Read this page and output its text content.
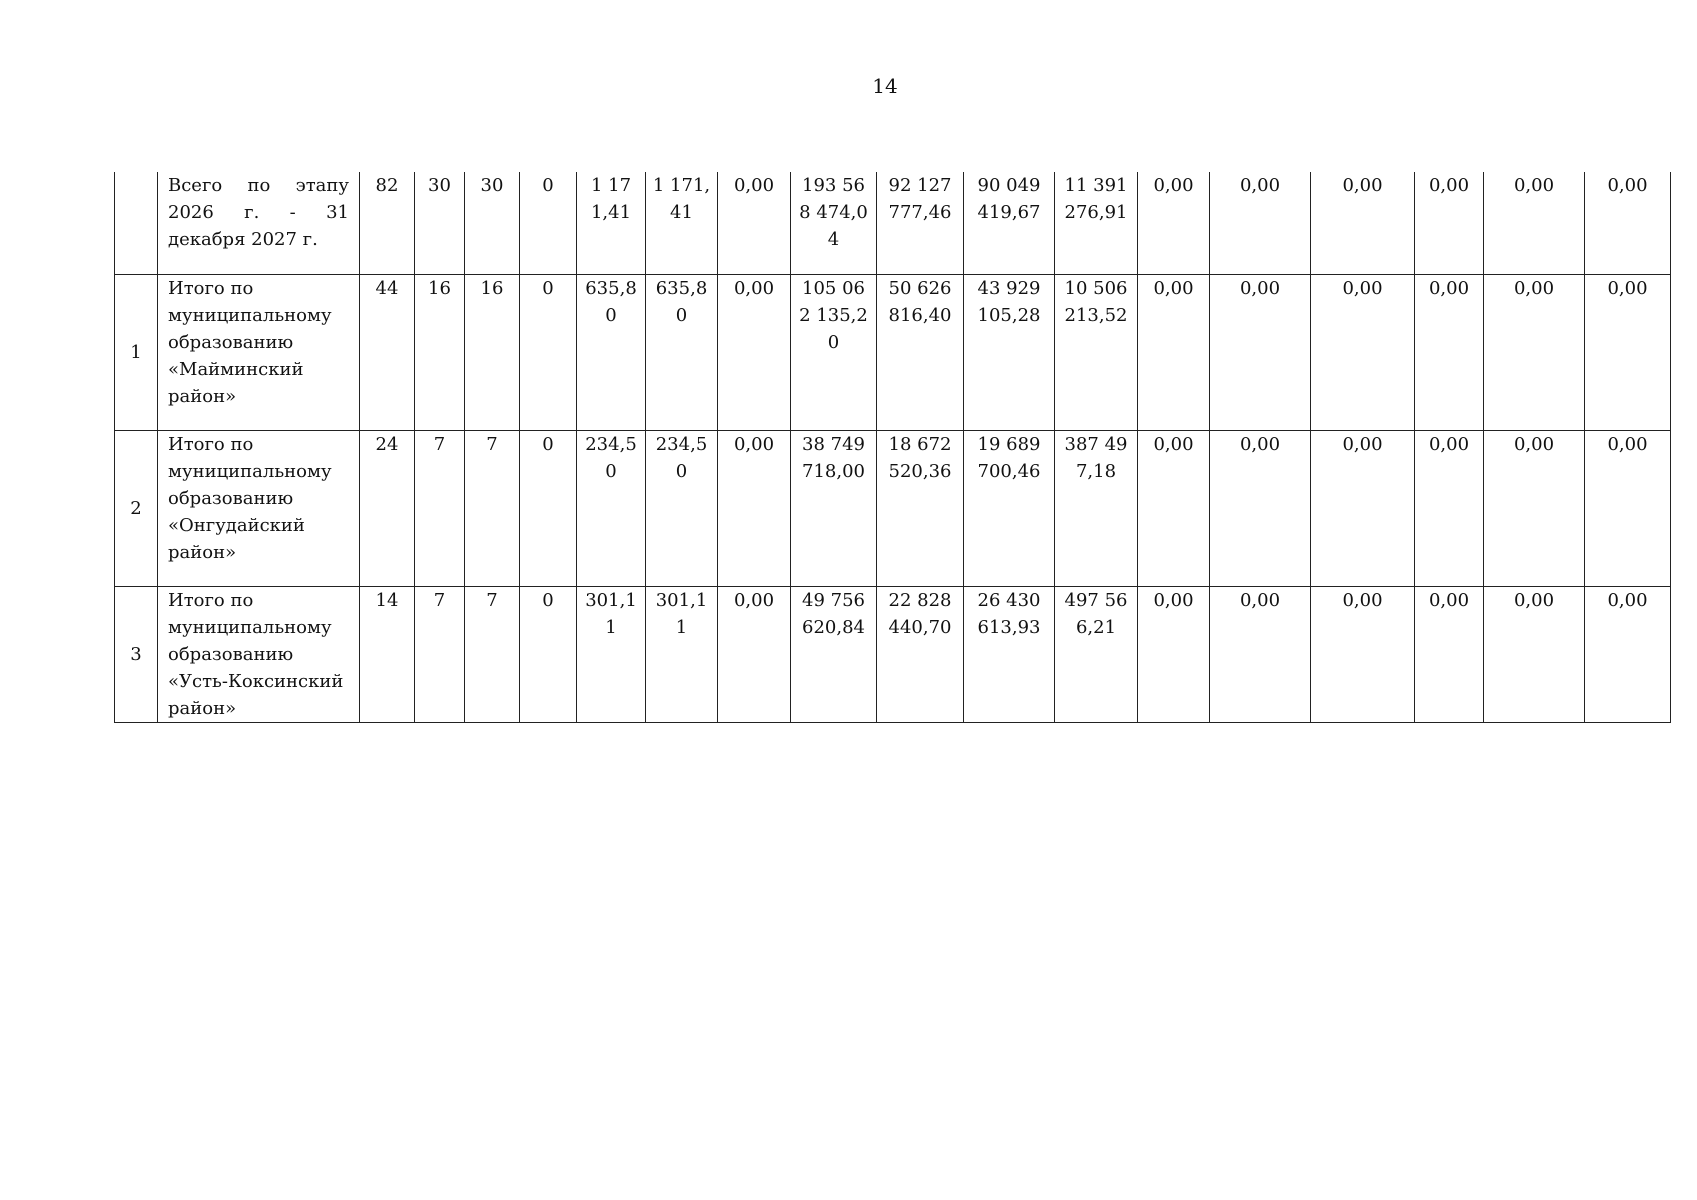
14
	Всего по этапу 2026 г. - 31 декабря 2027 г.	82	30	30	0	1 171,41	1 171,41	0,00	193 568 474,04	92 127 777,46	90 049 419,67	11 391 276,91	0,00	0,00	0,00	0,00	0,00	0,00
1	Итого по муниципальному образованию «Майминский район»	44	16	16	0	635,80	635,80	0,00	105 062 135,20	50 626 816,40	43 929 105,28	10 506 213,52	0,00	0,00	0,00	0,00	0,00	0,00
2	Итого по муниципальному образованию «Онгудайский район»	24	7	7	0	234,50	234,50	0,00	38 749 718,00	18 672 520,36	19 689 700,46	387 497,18	0,00	0,00	0,00	0,00	0,00	0,00
3	Итого по муниципальному образованию «Усть-Коксинский район»	14	7	7	0	301,11	301,11	0,00	49 756 620,84	22 828 440,70	26 430 613,93	497 566,21	0,00	0,00	0,00	0,00	0,00	0,00
